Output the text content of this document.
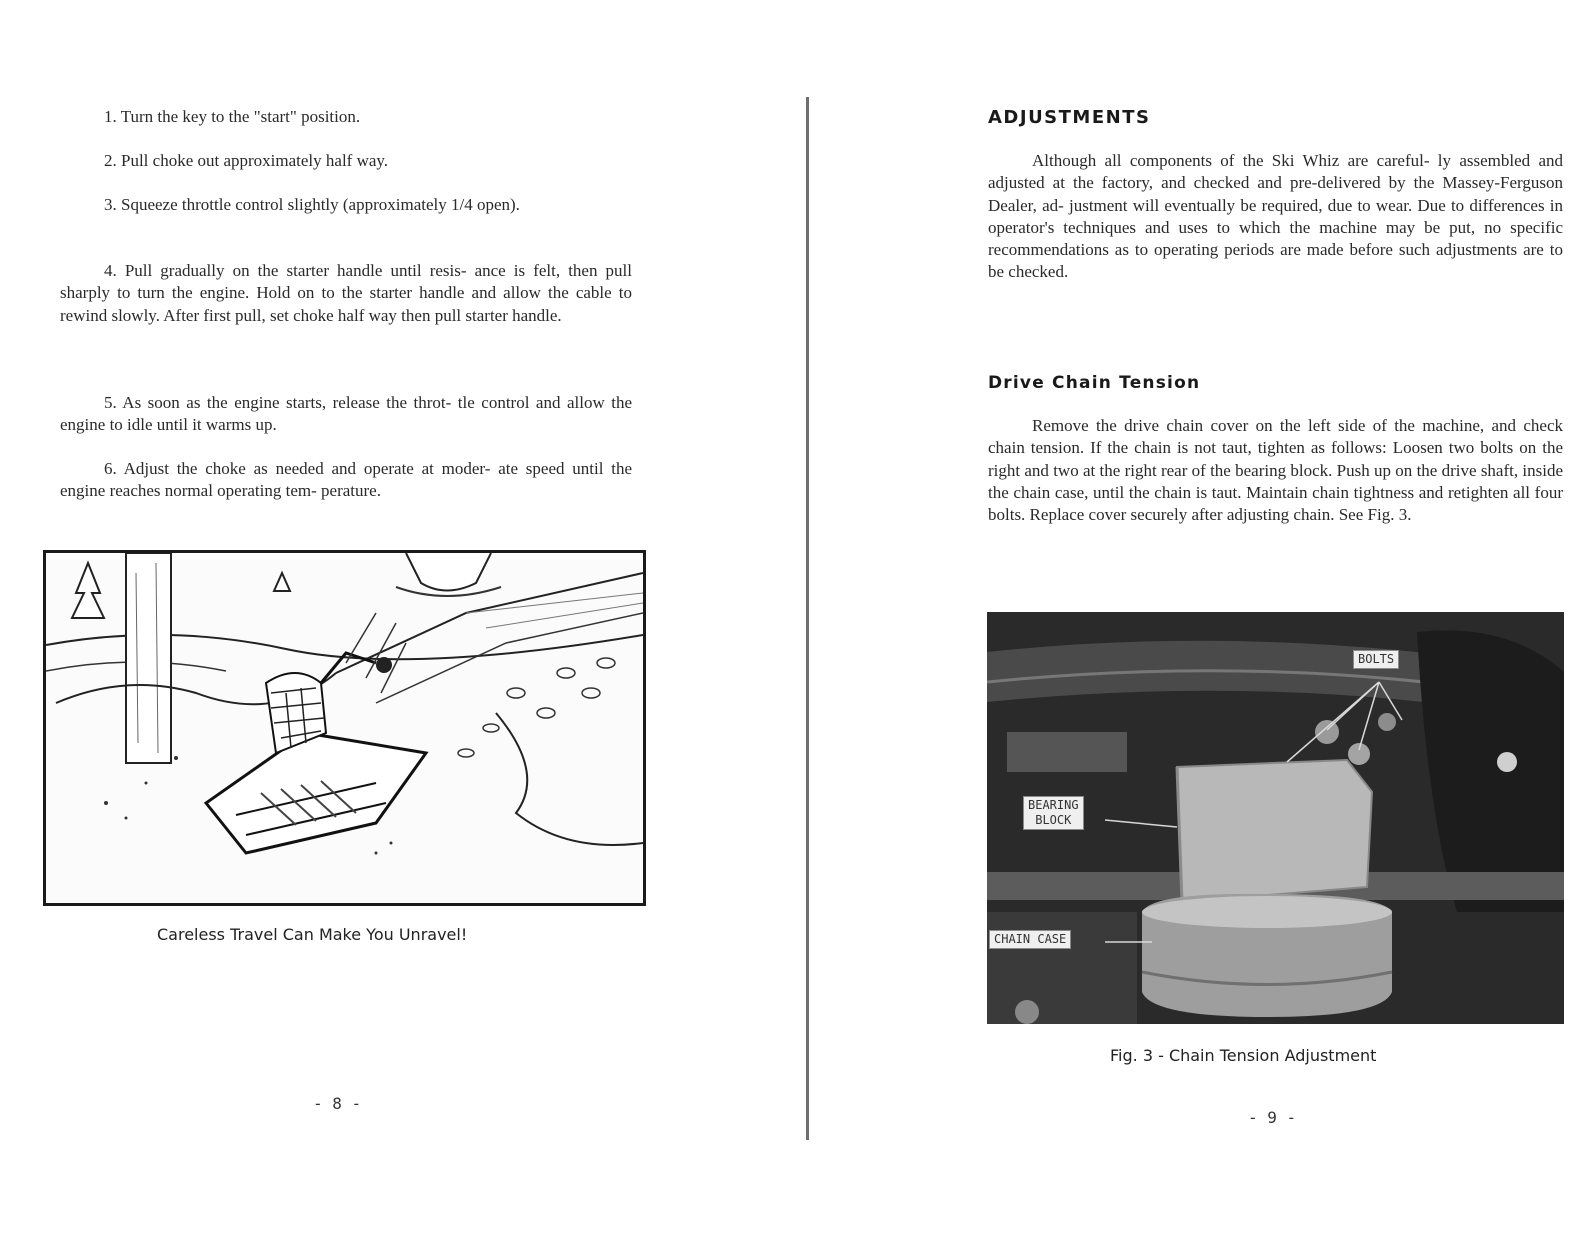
1. Turn the key to the "start" position.

2. Pull choke out approximately half way.

3. Squeeze throttle control slightly (approximately 1/4 open).

4. Pull gradually on the starter handle until resis- ance is felt, then pull sharply to turn the engine. Hold on to the starter handle and allow the cable to rewind slowly. After first pull, set choke half way then pull starter handle.

5. As soon as the engine starts, release the throt- tle control and allow the engine to idle until it warms up.

6. Adjust the choke as needed and operate at moder- ate speed until the engine reaches normal operating tem- perature.

Careless Travel Can Make You Unravel!

- 8 -

ADJUSTMENTS

Although all components of the Ski Whiz are careful- ly assembled and adjusted at the factory, and checked and pre-delivered by the Massey-Ferguson Dealer, ad- justment will eventually be required, due to wear. Due to differences in operator's techniques and uses to which the machine may be put, no specific recommendations as to operating periods are made before such adjustments are to be checked.

Drive Chain Tension

Remove the drive chain cover on the left side of the machine, and check chain tension. If the chain is not taut, tighten as follows: Loosen two bolts on the right and two at the right rear of the bearing block. Push up on the drive shaft, inside the chain case, until the chain is taut. Maintain chain tightness and retighten all four bolts. Replace cover securely after adjusting chain. See Fig. 3.

BOLTS

BEARING
BLOCK

CHAIN CASE

Fig. 3 - Chain Tension Adjustment

- 9 -
